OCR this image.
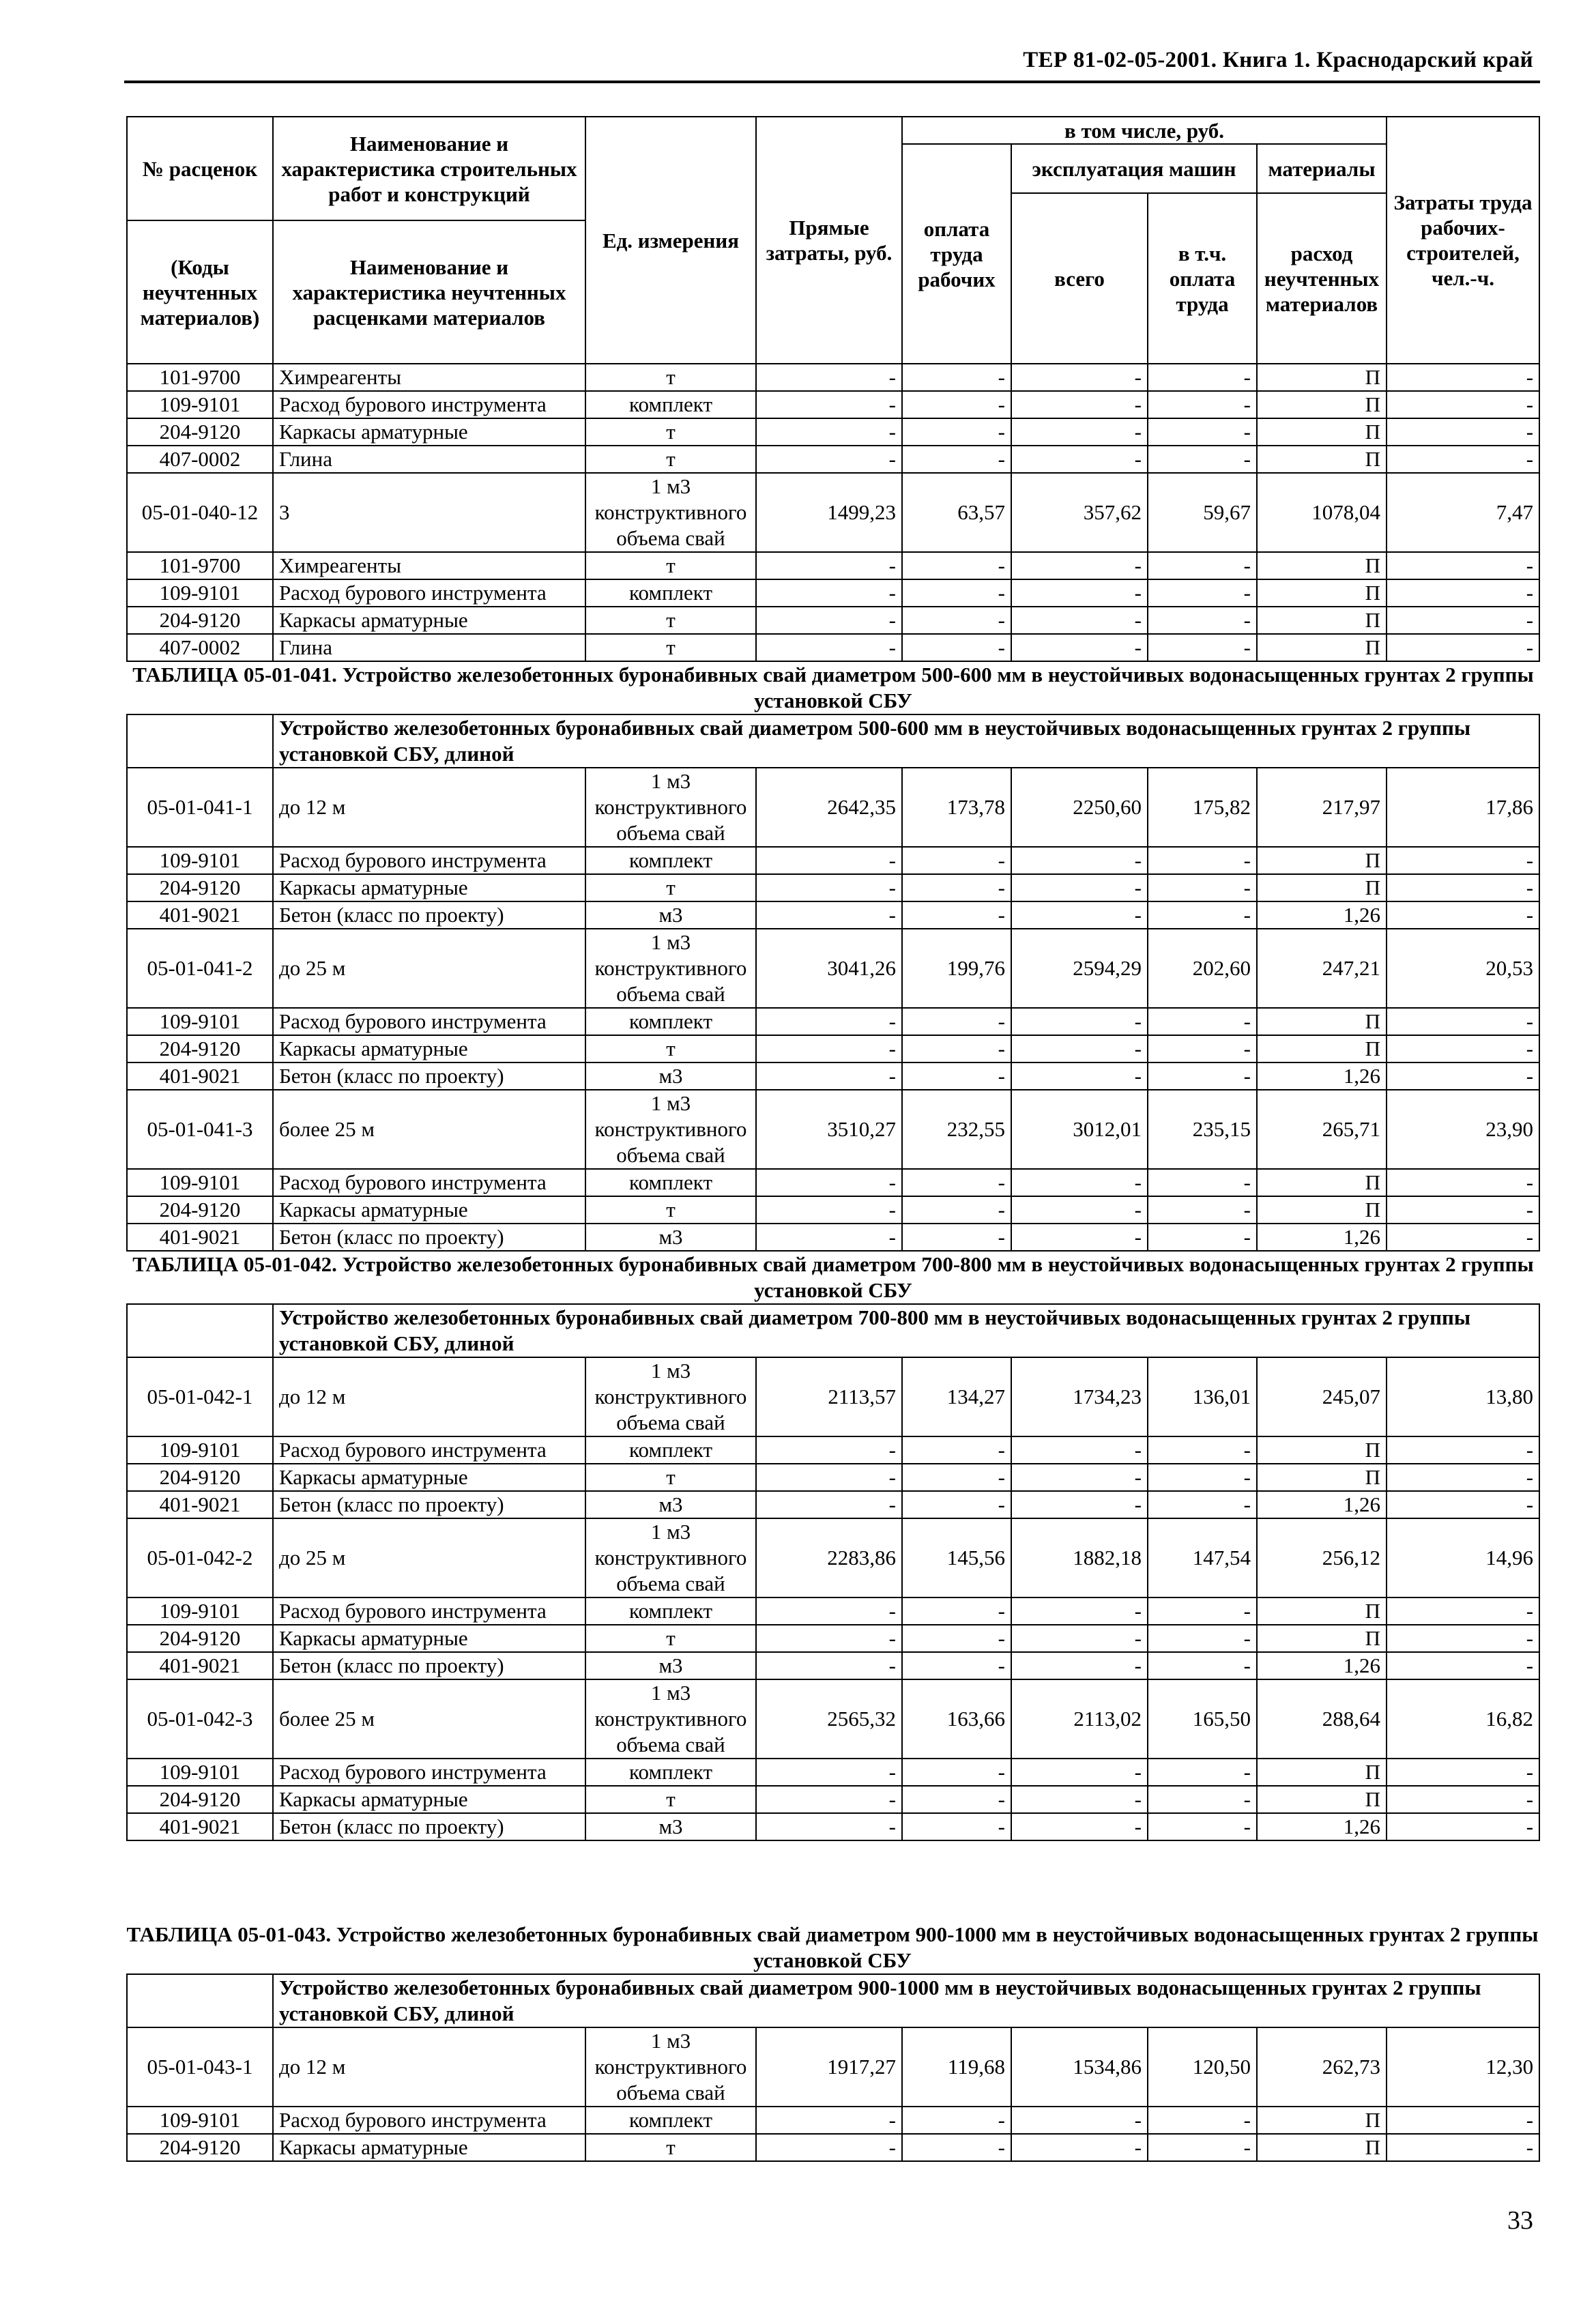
ТЕР 81-02-05-2001. Книга 1. Краснодарский край
№ расценок	Наименование и характеристика строительных работ и конструкций	Ед. измерения	Прямые затраты, руб.	в том числе, руб.				Затраты труда рабочих-строителей, чел.-ч.
				оплата труда рабочих	эксплуатация машин		материалы	
					всего	в т.ч. оплата труда	расход неучтенных материалов	
(Коды неучтенных материалов)	Наименование и характеристика неучтенных расценками материалов							

101-9700	Химреагенты	т	-	-	-	-	П	-
109-9101	Расход бурового инструмента	комплект	-	-	-	-	П	-
204-9120	Каркасы арматурные	т	-	-	-	-	П	-
407-0002	Глина	т	-	-	-	-	П	-
05-01-040-12	3	1 м3 конструктивного объема свай	1499,23	63,57	357,62	59,67	1078,04	7,47
101-9700	Химреагенты	т	-	-	-	-	П	-
109-9101	Расход бурового инструмента	комплект	-	-	-	-	П	-
204-9120	Каркасы арматурные	т	-	-	-	-	П	-
407-0002	Глина	т	-	-	-	-	П	-
ТАБЛИЦА 05-01-041. Устройство железобетонных буронабивных свай диаметром 500-600 мм в неустойчивых водонасыщенных грунтах 2 группы установкой СБУ								
	Устройство железобетонных буронабивных свай диаметром 500-600 мм в неустойчивых водонасыщенных грунтах 2 группы установкой СБУ, длиной							
05-01-041-1	до 12 м	1 м3 конструктивного объема свай	2642,35	173,78	2250,60	175,82	217,97	17,86
109-9101	Расход бурового инструмента	комплект	-	-	-	-	П	-
204-9120	Каркасы арматурные	т	-	-	-	-	П	-
401-9021	Бетон (класс по проекту)	м3	-	-	-	-	1,26	-
05-01-041-2	до 25 м	1 м3 конструктивного объема свай	3041,26	199,76	2594,29	202,60	247,21	20,53
109-9101	Расход бурового инструмента	комплект	-	-	-	-	П	-
204-9120	Каркасы арматурные	т	-	-	-	-	П	-
401-9021	Бетон (класс по проекту)	м3	-	-	-	-	1,26	-
05-01-041-3	более 25 м	1 м3 конструктивного объема свай	3510,27	232,55	3012,01	235,15	265,71	23,90
109-9101	Расход бурового инструмента	комплект	-	-	-	-	П	-
204-9120	Каркасы арматурные	т	-	-	-	-	П	-
401-9021	Бетон (класс по проекту)	м3	-	-	-	-	1,26	-
ТАБЛИЦА 05-01-042. Устройство железобетонных буронабивных свай диаметром 700-800 мм в неустойчивых водонасыщенных грунтах 2 группы установкой СБУ								
	Устройство железобетонных буронабивных свай диаметром 700-800 мм в неустойчивых водонасыщенных грунтах 2 группы установкой СБУ, длиной							
05-01-042-1	до 12 м	1 м3 конструктивного объема свай	2113,57	134,27	1734,23	136,01	245,07	13,80
109-9101	Расход бурового инструмента	комплект	-	-	-	-	П	-
204-9120	Каркасы арматурные	т	-	-	-	-	П	-
401-9021	Бетон (класс по проекту)	м3	-	-	-	-	1,26	-
05-01-042-2	до 25 м	1 м3 конструктивного объема свай	2283,86	145,56	1882,18	147,54	256,12	14,96
109-9101	Расход бурового инструмента	комплект	-	-	-	-	П	-
204-9120	Каркасы арматурные	т	-	-	-	-	П	-
401-9021	Бетон (класс по проекту)	м3	-	-	-	-	1,26	-
05-01-042-3	более 25 м	1 м3 конструктивного объема свай	2565,32	163,66	2113,02	165,50	288,64	16,82
109-9101	Расход бурового инструмента	комплект	-	-	-	-	П	-
204-9120	Каркасы арматурные	т	-	-	-	-	П	-
401-9021	Бетон (класс по проекту)	м3	-	-	-	-	1,26	-
ТАБЛИЦА 05-01-043. Устройство железобетонных буронабивных свай диаметром 900-1000 мм в неустойчивых водонасыщенных грунтах 2 группы установкой СБУ
	Устройство железобетонных буронабивных свай диаметром 900-1000 мм в неустойчивых водонасыщенных грунтах 2 группы установкой СБУ, длиной							
05-01-043-1	до 12 м	1 м3 конструктивного объема свай	1917,27	119,68	1534,86	120,50	262,73	12,30
109-9101	Расход бурового инструмента	комплект	-	-	-	-	П	-
204-9120	Каркасы арматурные	т	-	-	-	-	П	-
33
